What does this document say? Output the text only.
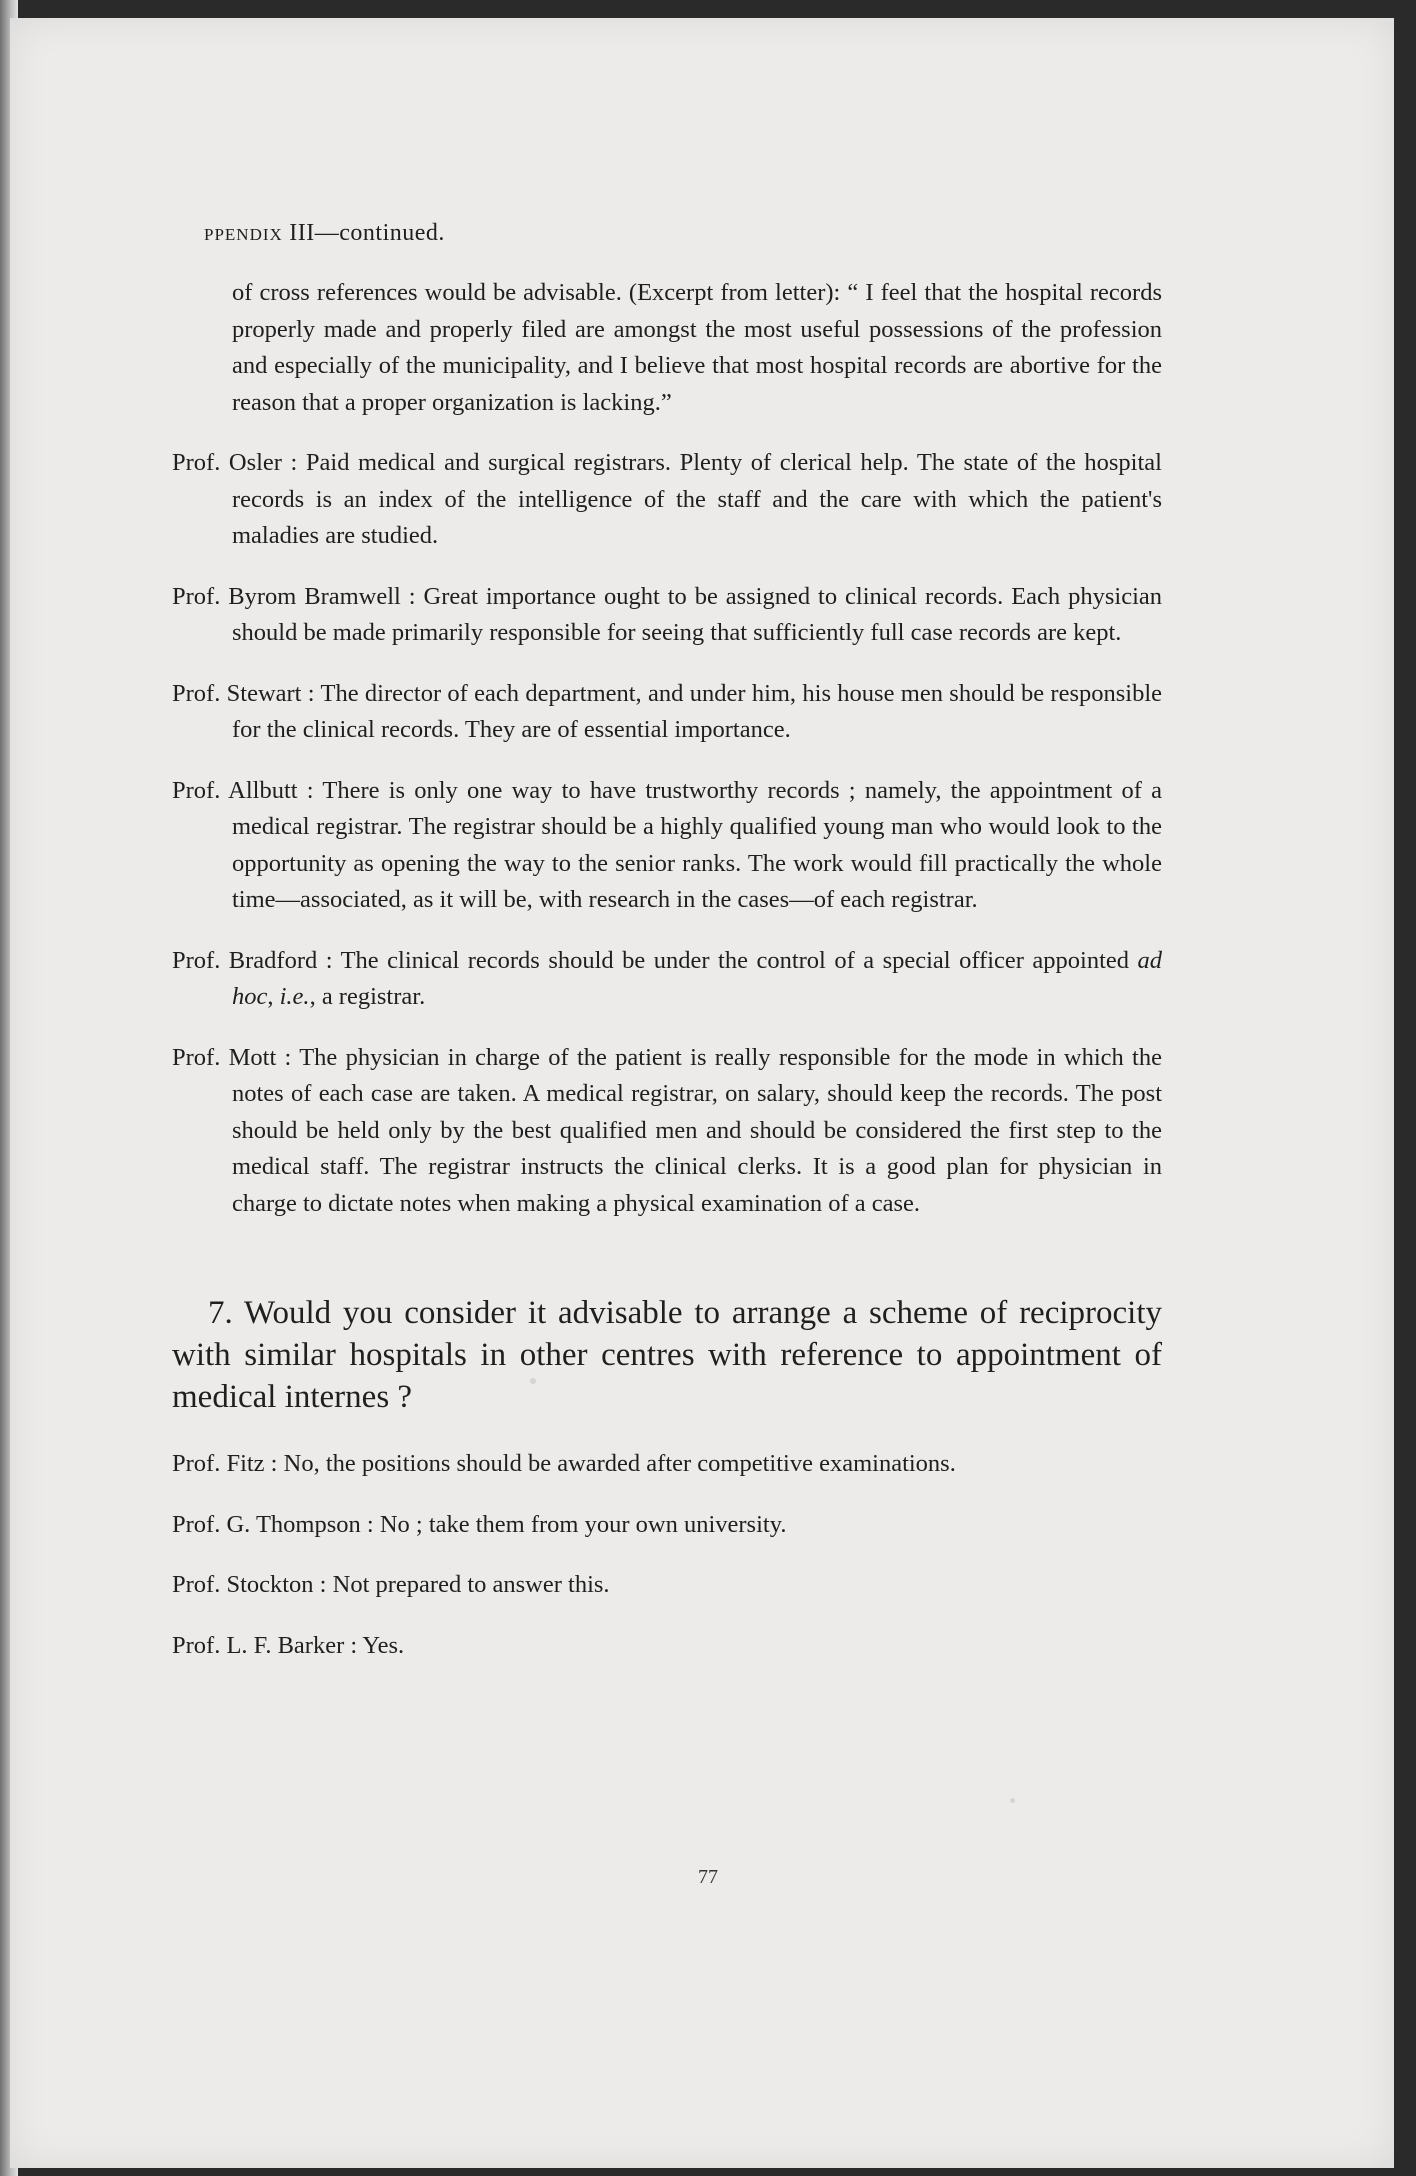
PPENDIX III—continued.

of cross references would be advisable. (Excerpt from letter): “ I feel that the hospital records properly made and properly filed are amongst the most useful possessions of the profession and especially of the municipality, and I believe that most hospital records are abortive for the reason that a proper organization is lacking.”

Prof. Osler : Paid medical and surgical registrars. Plenty of clerical help. The state of the hospital records is an index of the intelligence of the staff and the care with which the patient's maladies are studied.

Prof. Byrom Bramwell : Great importance ought to be assigned to clinical records. Each physician should be made primarily responsible for seeing that sufficiently full case records are kept.

Prof. Stewart : The director of each department, and under him, his house men should be responsible for the clinical records. They are of essential importance.

Prof. Allbutt : There is only one way to have trustworthy records ; namely, the appointment of a medical registrar. The registrar should be a highly qualified young man who would look to the opportunity as opening the way to the senior ranks. The work would fill practically the whole time—associated, as it will be, with research in the cases—of each registrar.

Prof. Bradford : The clinical records should be under the control of a special officer appointed ad hoc, i.e., a registrar.

Prof. Mott : The physician in charge of the patient is really responsible for the mode in which the notes of each case are taken. A medical registrar, on salary, should keep the records. The post should be held only by the best qualified men and should be considered the first step to the medical staff. The registrar instructs the clinical clerks. It is a good plan for physician in charge to dictate notes when making a physical examination of a case.

7. Would you consider it advisable to arrange a scheme of reciprocity with similar hospitals in other centres with reference to appointment of medical internes ?

Prof. Fitz : No, the positions should be awarded after competitive examinations.

Prof. G. Thompson : No ; take them from your own university.

Prof. Stockton : Not prepared to answer this.

Prof. L. F. Barker : Yes.

77
